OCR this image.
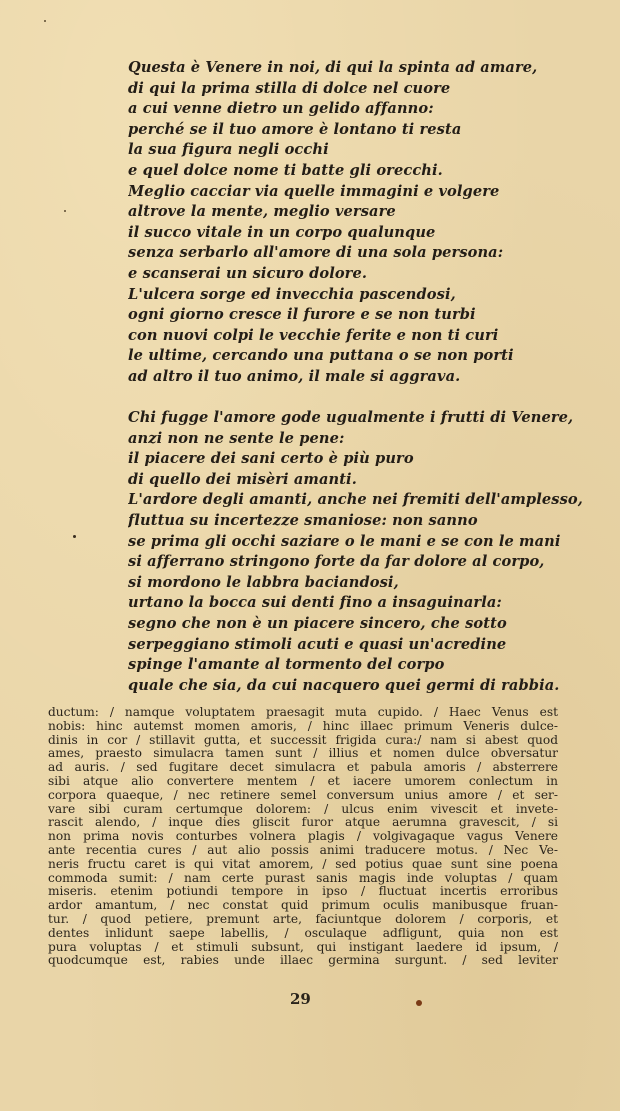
Questa è Venere in noi, di qui la spinta ad amare,
di qui la prima stilla di dolce nel cuore
a cui venne dietro un gelido affanno:
perché se il tuo amore è lontano ti resta
la sua figura negli occhi
e quel dolce nome ti batte gli orecchi.
Meglio cacciar via quelle immagini e volgere
altrove la mente, meglio versare
il succo vitale in un corpo qualunque
senza serbarlo all'amore di una sola persona:
e scanserai un sicuro dolore.
L'ulcera sorge ed invecchia pascendosi,
ogni giorno cresce il furore e se non turbi
con nuovi colpi le vecchie ferite e non ti curi
le ultime, cercando una puttana o se non porti
ad altro il tuo animo, il male si aggrava.
Chi fugge l'amore gode ugualmente i frutti di Venere,
anzi non ne sente le pene:
il piacere dei sani certo è più puro
di quello dei misèri amanti.
L'ardore degli amanti, anche nei fremiti dell'amplesso,
fluttua su incertezze smaniose: non sanno
se prima gli occhi saziare o le mani e se con le mani
si afferrano stringono forte da far dolore al corpo,
si mordono le labbra baciandosi,
urtano la bocca sui denti fino a insaguinarla:
segno che non è un piacere sincero, che sotto
serpeggiano stimoli acuti e quasi un'acredine
spinge l'amante al tormento del corpo
quale che sia, da cui nacquero quei germi di rabbia.
ductum: / namque voluptatem praesagit muta cupido. / Haec Venus est
nobis: hinc autemst momen amoris, / hinc illaec primum Veneris dulce-
dinis in cor / stillavit gutta, et successit frigida cura:/ nam si abest quod
ames, praesto simulacra tamen sunt / illius et nomen dulce obversatur
ad auris. / sed fugitare decet simulacra et pabula amoris / absterrere
sibi atque alio convertere mentem / et iacere umorem conlectum in
corpora quaeque, / nec retinere semel conversum unius amore / et ser-
vare sibi curam certumque dolorem: / ulcus enim vivescit et invete-
rascit alendo, / inque dies gliscit furor atque aerumna gravescit, / si
non prima novis conturbes volnera plagis / volgivagaque vagus Venere
ante recentia cures / aut alio possis animi traducere motus. / Nec Ve-
neris fructu caret is qui vitat amorem, / sed potius quae sunt sine poena
commoda sumit: / nam certe purast sanis magis inde voluptas / quam
miseris. etenim potiundi tempore in ipso / fluctuat incertis erroribus
ardor amantum, / nec constat quid primum oculis manibusque fruan-
tur. / quod petiere, premunt arte, faciuntque dolorem / corporis, et
dentes inlidunt saepe labellis, / osculaque adfligunt, quia non est
pura voluptas / et stimuli subsunt, qui instigant laedere id ipsum, /
quodcumque est, rabies unde illaec germina surgunt. / sed leviter
29
